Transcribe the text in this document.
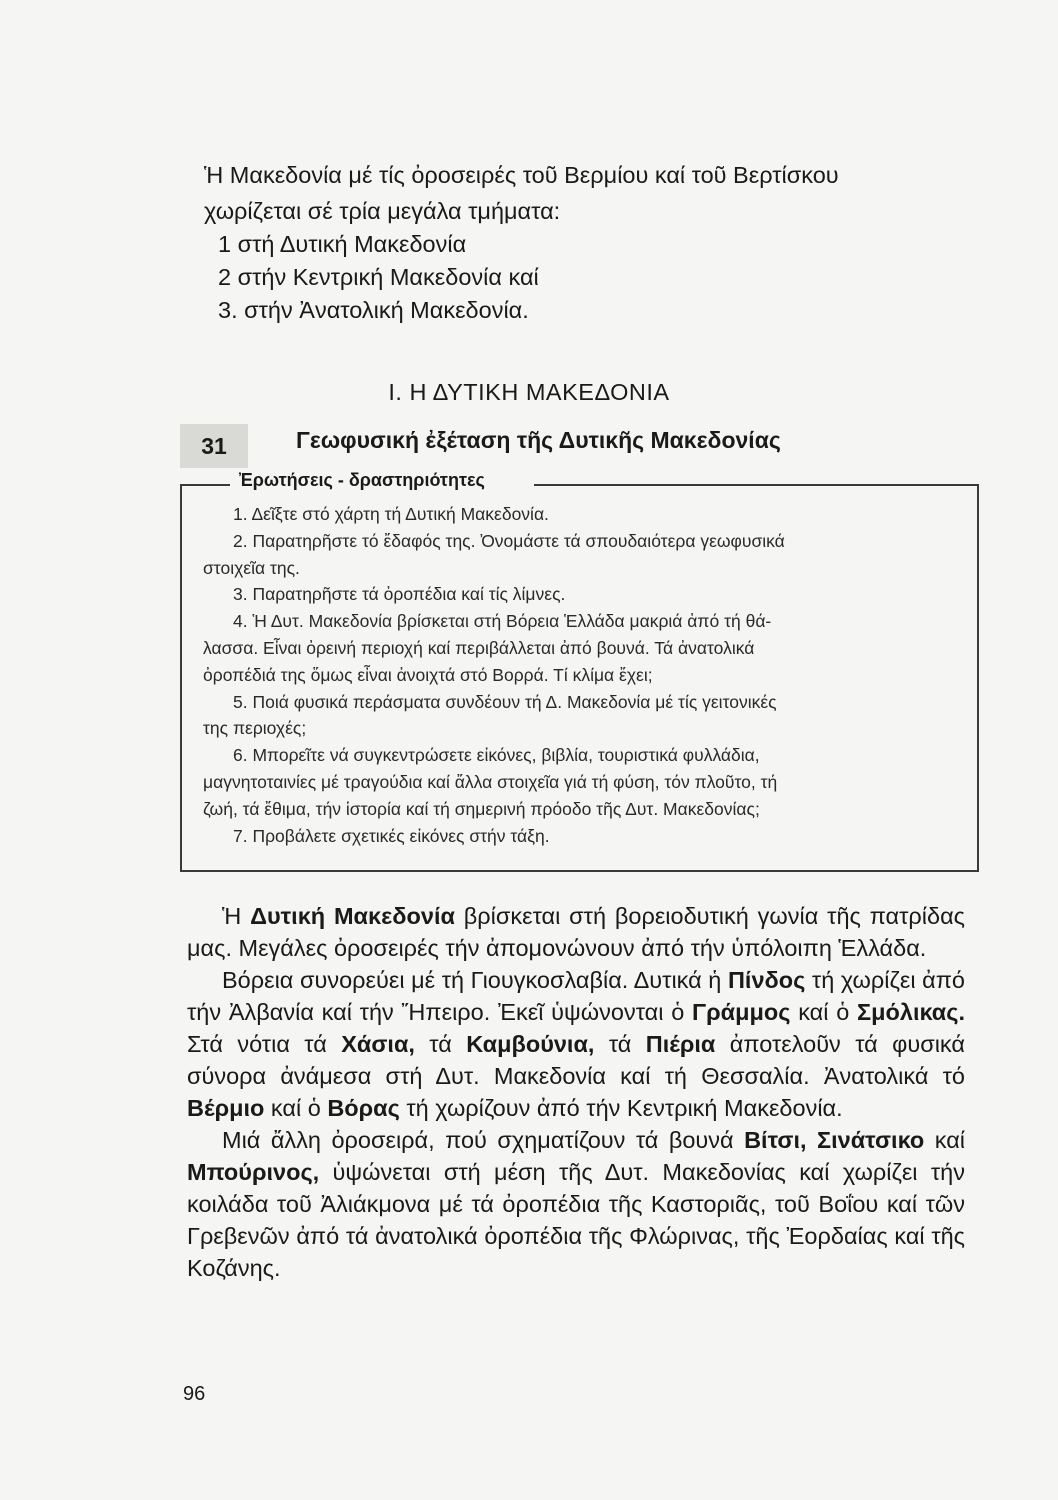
Ἡ Μακεδονία μέ τίς ὀροσειρές τοῦ Βερμίου καί τοῦ Βερτίσκου
χωρίζεται σέ τρία μεγάλα τμήματα:
1 στή Δυτική Μακεδονία
2 στήν Κεντρική Μακεδονία καί
3. στήν Ἀνατολική Μακεδονία.
Ι. Η ΔΥΤΙΚΗ ΜΑΚΕΔΟΝΙΑ
31	Γεωφυσική ἐξέταση τῆς Δυτικῆς Μακεδονίας
Ἐρωτήσεις - δραστηριότητες
1. Δεῖξτε στό χάρτη τή Δυτική Μακεδονία.
2. Παρατηρῆστε τό ἔδαφός της. Ὀνομάστε τά σπουδαιότερα γεωφυσικά
στοιχεῖα της.
3. Παρατηρῆστε τά ὀροπέδια καί τίς λίμνες.
4. Ἡ Δυτ. Μακεδονία βρίσκεται στή Βόρεια Ἑλλάδα μακριά ἀπό τή θά-
λασσα. Εἶναι ὀρεινή περιοχή καί περιβάλλεται ἀπό βουνά. Τά ἀνατολικά
ὀροπέδιά της ὅμως εἶναι ἀνοιχτά στό Βορρά. Τί κλίμα ἔχει;
5. Ποιά φυσικά περάσματα συνδέουν τή Δ. Μακεδονία μέ τίς γειτονικές
της περιοχές;
6. Μπορεῖτε νά συγκεντρώσετε εἰκόνες, βιβλία, τουριστικά φυλλάδια,
μαγνητοταινίες μέ τραγούδια καί ἄλλα στοιχεῖα γιά τή φύση, τόν πλοῦτο, τή
ζωή, τά ἔθιμα, τήν ἱστορία καί τή σημερινή πρόοδο τῆς Δυτ. Μακεδονίας;
7. Προβάλετε σχετικές εἰκόνες στήν τάξη.

Ἡ Δυτική Μακεδονία βρίσκεται στή βορειοδυτική γωνία τῆς πατρίδας μας. Μεγάλες ὀροσειρές τήν ἀπομονώνουν ἀπό τήν ὑπόλοιπη Ἑλλάδα.

Βόρεια συνορεύει μέ τή Γιουγκοσλαβία. Δυτικά ἡ Πίνδος τή χωρίζει ἀπό τήν Ἀλβανία καί τήν Ἤπειρο. Ἐκεῖ ὑψώνονται ὁ Γράμμος καί ὁ Σμόλικας. Στά νότια τά Χάσια, τά Καμβούνια, τά Πιέρια ἀποτελοῦν τά φυσικά σύνορα ἀνάμεσα στή Δυτ. Μακεδονία καί τή Θεσσαλία. Ἀνατολικά τό Βέρμιο καί ὁ Βόρας τή χωρίζουν ἀπό τήν Κεντρική Μακεδονία.

Μιά ἄλλη ὀροσειρά, πού σχηματίζουν τά βουνά Βίτσι, Σινάτσικο καί Μπούρινος, ὑψώνεται στή μέση τῆς Δυτ. Μακεδονίας καί χωρίζει τήν κοιλάδα τοῦ Ἀλιάκμονα μέ τά ὀροπέδια τῆς Καστοριᾶς, τοῦ Βοΐου καί τῶν Γρεβενῶν ἀπό τά ἀνατολικά ὀροπέδια τῆς Φλώρινας, τῆς Ἐορδαίας καί τῆς Κοζάνης.

96
